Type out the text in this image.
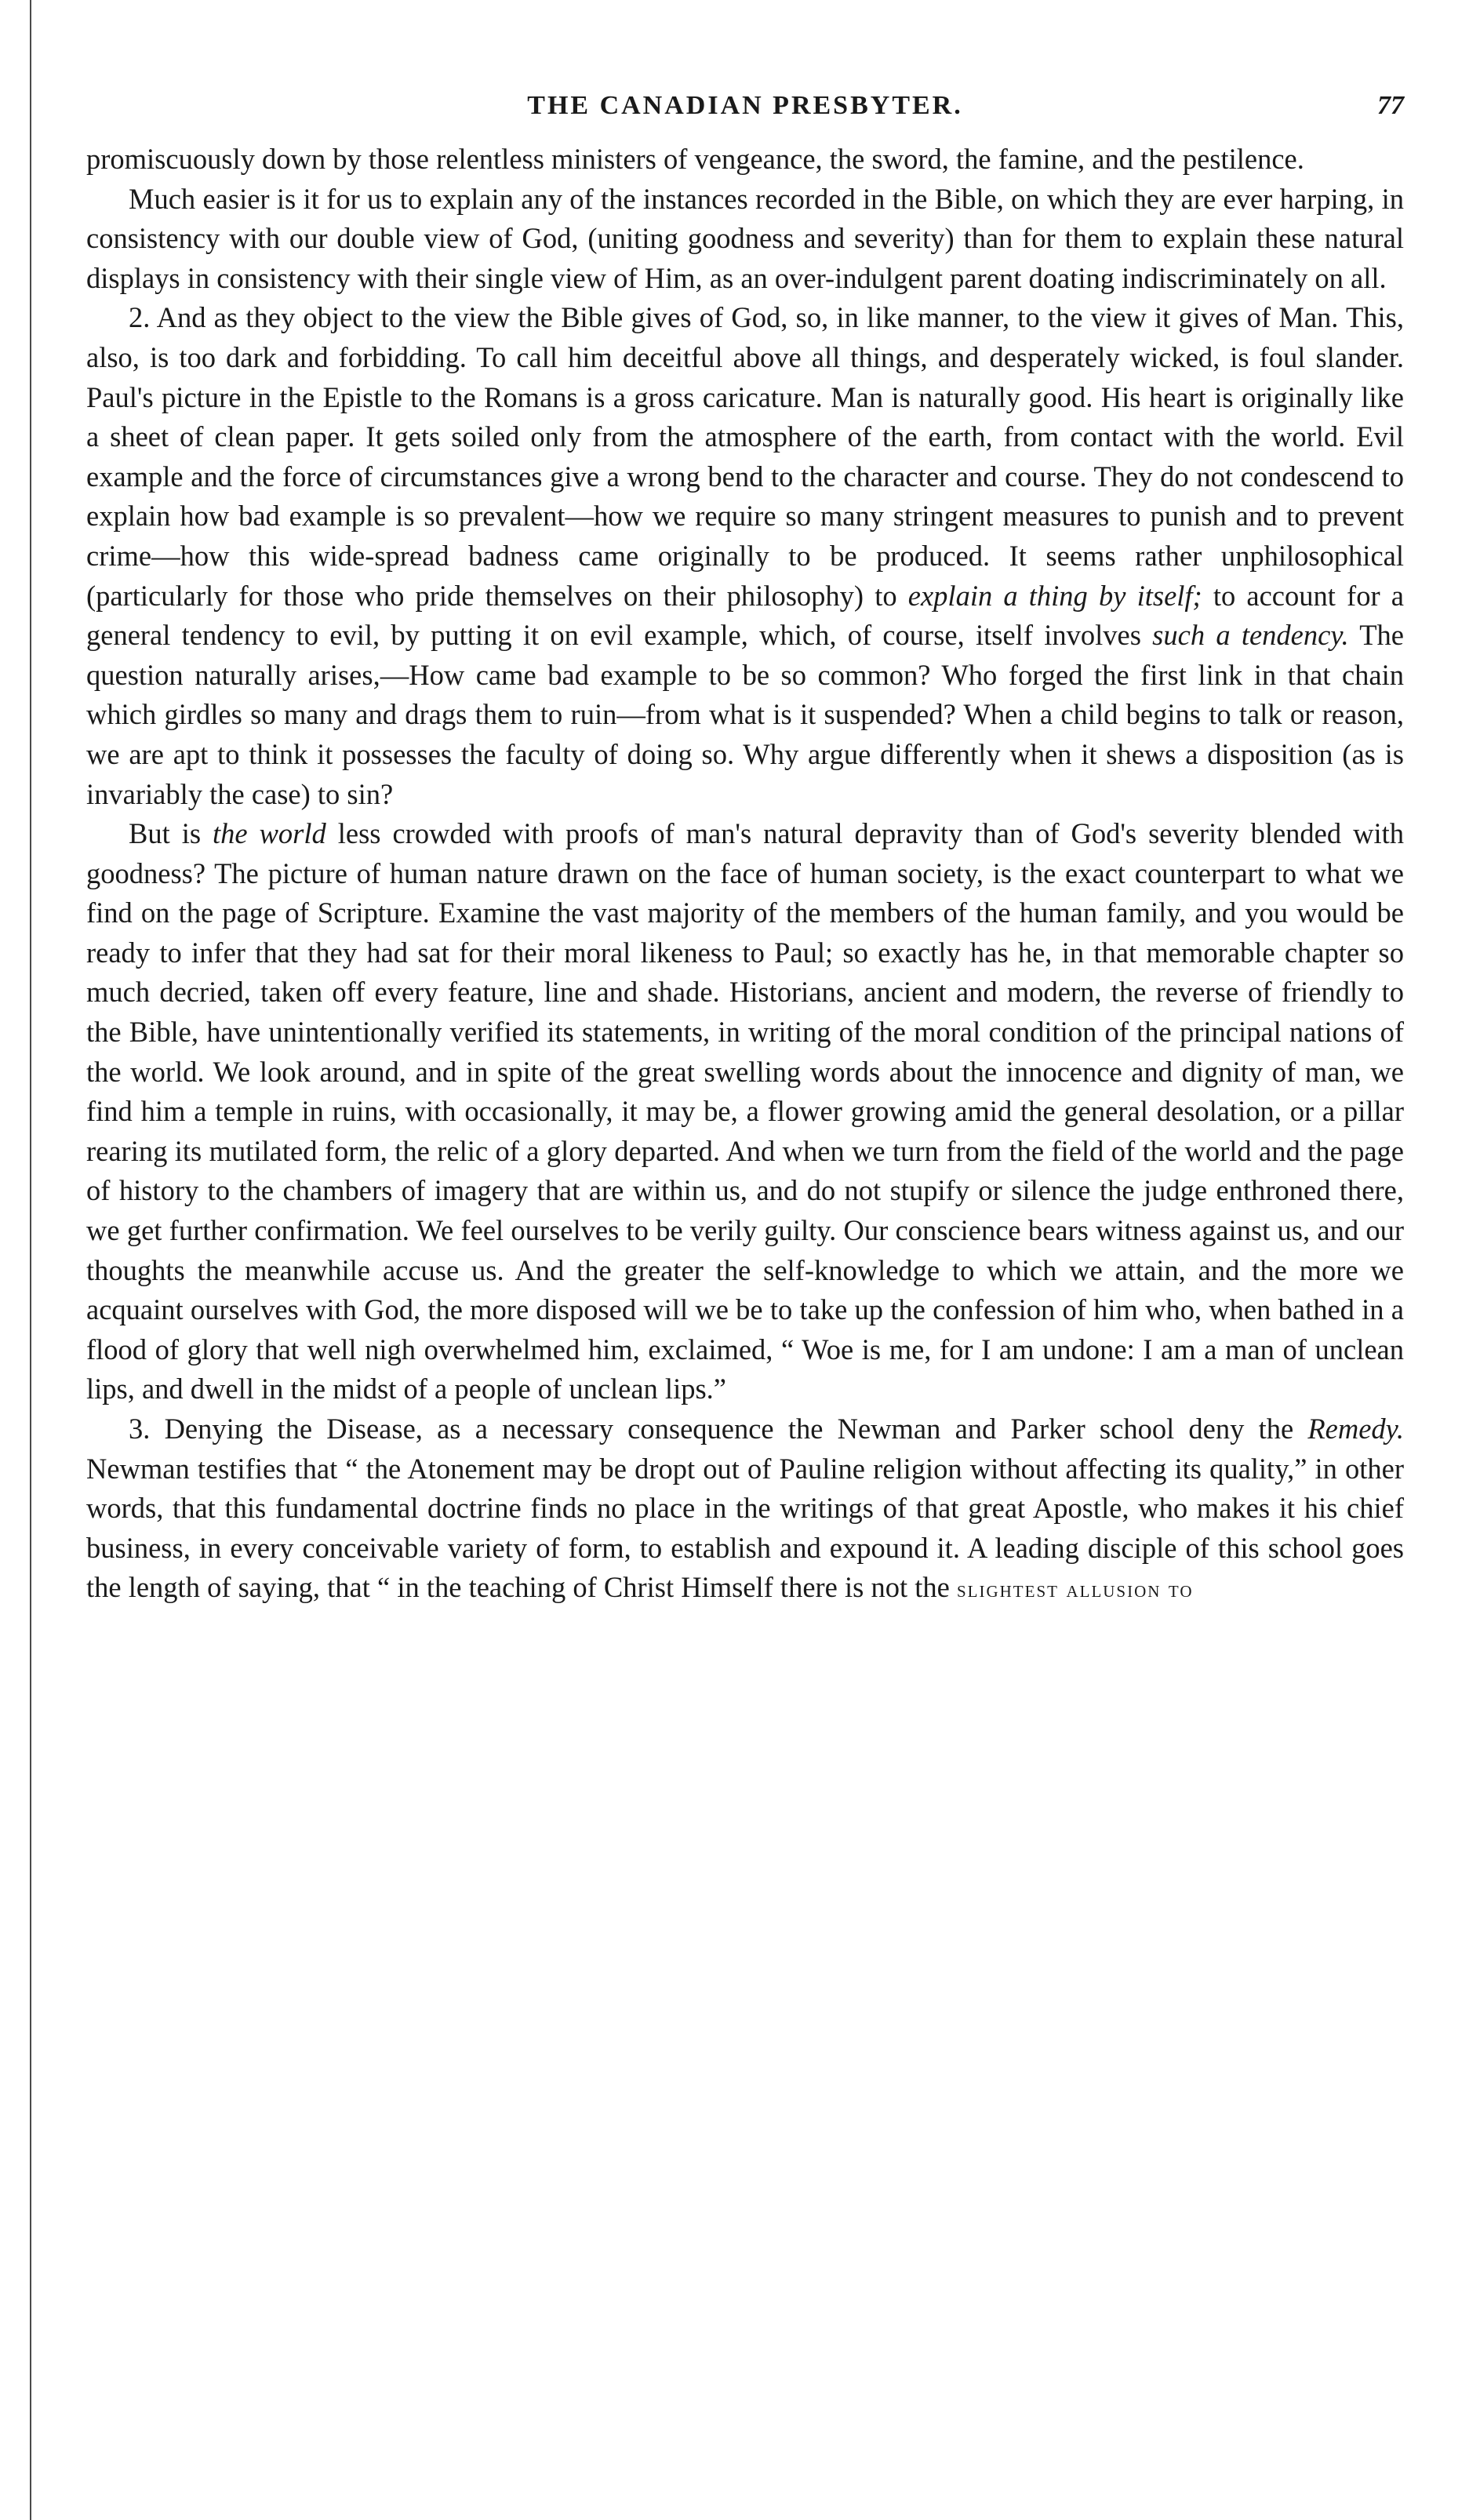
THE CANADIAN PRESBYTER.	77

promiscuously down by those relentless ministers of vengeance, the sword, the famine, and the pestilence.

Much easier is it for us to explain any of the instances recorded in the Bible, on which they are ever harping, in consistency with our double view of God, (uniting goodness and severity) than for them to explain these natural displays in consistency with their single view of Him, as an over-indulgent parent doating indiscriminately on all.

2. And as they object to the view the Bible gives of God, so, in like manner, to the view it gives of Man. This, also, is too dark and forbidding. To call him deceitful above all things, and desperately wicked, is foul slander. Paul's picture in the Epistle to the Romans is a gross caricature. Man is naturally good. His heart is originally like a sheet of clean paper. It gets soiled only from the atmosphere of the earth, from contact with the world. Evil example and the force of circumstances give a wrong bend to the character and course. They do not condescend to explain how bad example is so prevalent—how we require so many stringent measures to punish and to prevent crime—how this wide-spread badness came originally to be produced. It seems rather unphilosophical (particularly for those who pride themselves on their philosophy) to explain a thing by itself; to account for a general tendency to evil, by putting it on evil example, which, of course, itself involves such a tendency. The question naturally arises,—How came bad example to be so common? Who forged the first link in that chain which girdles so many and drags them to ruin—from what is it suspended? When a child begins to talk or reason, we are apt to think it possesses the faculty of doing so. Why argue differently when it shews a disposition (as is invariably the case) to sin?

But is the world less crowded with proofs of man's natural depravity than of God's severity blended with goodness? The picture of human nature drawn on the face of human society, is the exact counterpart to what we find on the page of Scripture. Examine the vast majority of the members of the human family, and you would be ready to infer that they had sat for their moral likeness to Paul; so exactly has he, in that memorable chapter so much decried, taken off every feature, line and shade. Historians, ancient and modern, the reverse of friendly to the Bible, have unintentionally verified its statements, in writing of the moral condition of the principal nations of the world. We look around, and in spite of the great swelling words about the innocence and dignity of man, we find him a temple in ruins, with occasionally, it may be, a flower growing amid the general desolation, or a pillar rearing its mutilated form, the relic of a glory departed. And when we turn from the field of the world and the page of history to the chambers of imagery that are within us, and do not stupify or silence the judge enthroned there, we get further confirmation. We feel ourselves to be verily guilty. Our conscience bears witness against us, and our thoughts the meanwhile accuse us. And the greater the self-knowledge to which we attain, and the more we acquaint ourselves with God, the more disposed will we be to take up the confession of him who, when bathed in a flood of glory that well nigh overwhelmed him, exclaimed, “ Woe is me, for I am undone: I am a man of unclean lips, and dwell in the midst of a people of unclean lips.”

3. Denying the Disease, as a necessary consequence the Newman and Parker school deny the Remedy. Newman testifies that “ the Atonement may be dropt out of Pauline religion without affecting its quality,” in other words, that this fundamental doctrine finds no place in the writings of that great Apostle, who makes it his chief business, in every conceivable variety of form, to establish and expound it. A leading disciple of this school goes the length of saying, that “ in the teaching of Christ Himself there is not the slightest allusion to
